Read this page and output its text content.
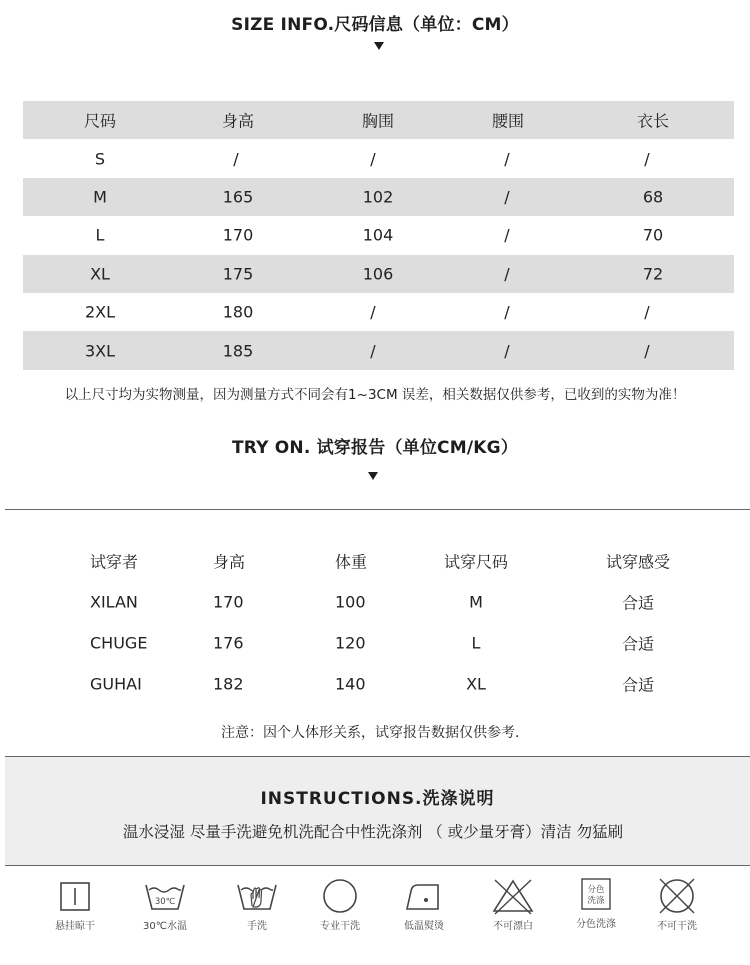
SIZE INFO.尺码信息（单位：CM）
尺码	身高	胸围	腰围	衣长
S	/	/	/	/
M	165	102	/	68
L	170	104	/	70
XL	175	106	/	72
2XL	180	/	/	/
3XL	185	/	/	/
以上尺寸均为实物测量，因为测量方式不同会有1~3CM 误差，相关数据仅供参考，已收到的实物为准！
TRY ON. 试穿报告（单位CM/KG）
试穿者	身高	体重	试穿尺码	试穿感受
XILAN	170	100	M	合适
CHUGE	176	120	L	合适
GUHAI	182	140	XL	合适
注意：因个人体形关系，试穿报告数据仅供参考．
INSTRUCTIONS.洗涤说明
温水浸湿 尽量手洗避免机洗配合中性洗涤剂 （ 或少量牙膏）清洁 勿猛刷
悬挂晾干
30℃
30℃水温	手洗	专业干洗	低温熨烫	不可漂白
分色
洗涤
分色洗涤	不可干洗
